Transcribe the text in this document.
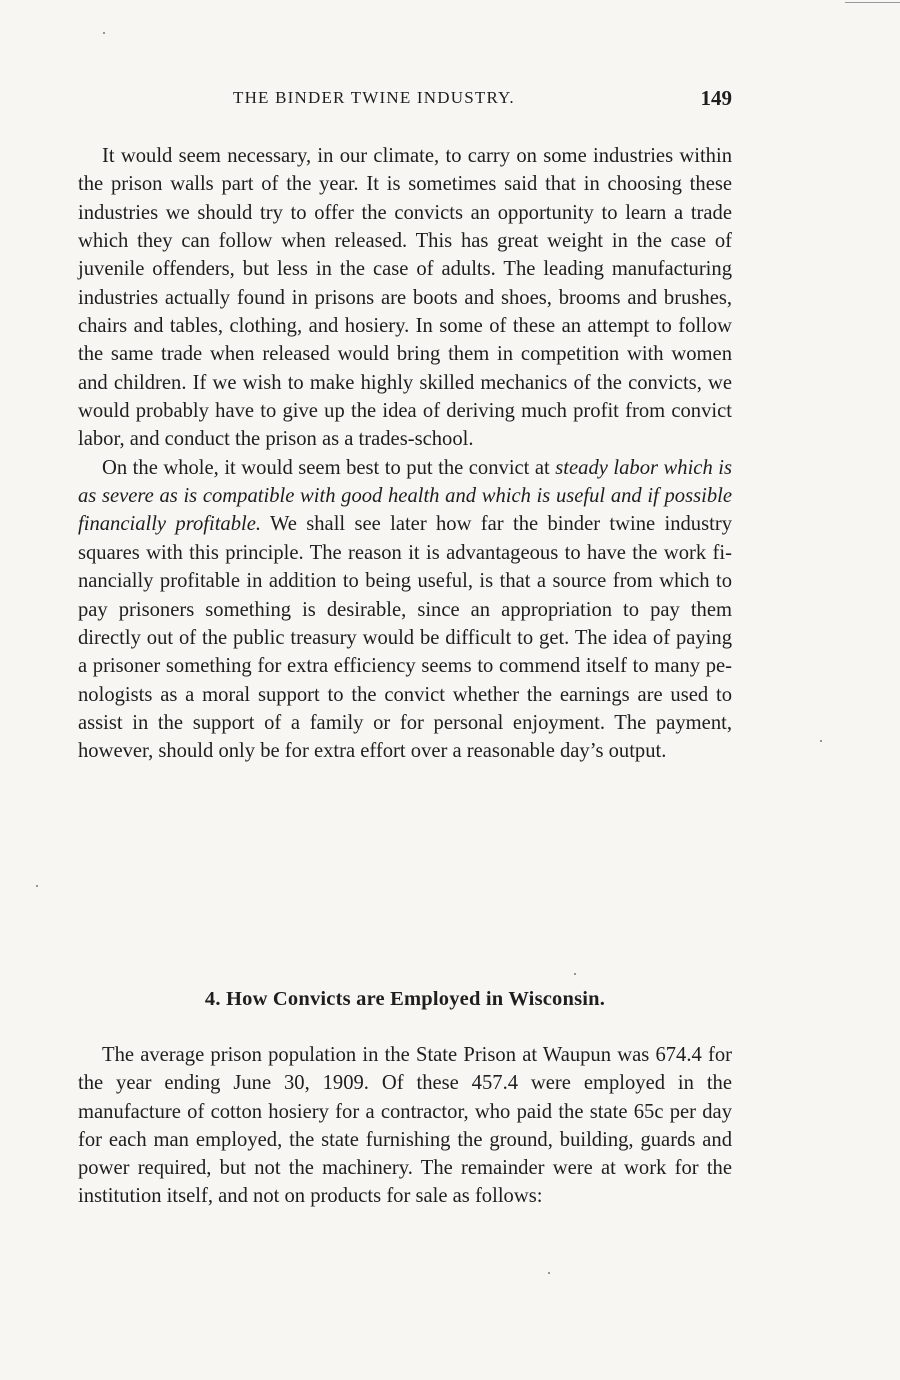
THE BINDER TWINE INDUSTRY.	149

It would seem necessary, in our climate, to carry on some industries within the prison walls part of the year. It is sometimes said that in choosing these industries we should try to offer the convicts an opportunity to learn a trade which they can follow when released. This has great weight in the case of juvenile offenders, but less in the case of adults. The leading manufacturing industries actually found in prisons are boots and shoes, brooms and brushes, chairs and tables, clothing, and hosiery. In some of these an attempt to follow the same trade when released would bring them in competition with women and children. If we wish to make highly skilled mechanics of the convicts, we would probably have to give up the idea of deriving much profit from convict labor, and conduct the prison as a trades-school.

On the whole, it would seem best to put the convict at steady labor which is as severe as is compatible with good health and which is useful and if possible financially profitable. We shall see later how far the binder twine industry squares with this principle. The reason it is advantageous to have the work financially profitable in addition to being useful, is that a source from which to pay prisoners something is desirable, since an appropriation to pay them directly out of the public treasury would be difficult to get. The idea of paying a prisoner something for extra efficiency seems to commend itself to many penologists as a moral support to the convict whether the earnings are used to assist in the support of a family or for personal enjoyment. The payment, however, should only be for extra effort over a reasonable day’s output.

4. How Convicts are Employed in Wisconsin.

The average prison population in the State Prison at Waupun was 674.4 for the year ending June 30, 1909. Of these 457.4 were employed in the manufacture of cotton hosiery for a contractor, who paid the state 65c per day for each man employed, the state furnishing the ground, building, guards and power required, but not the machinery. The remainder were at work for the institution itself, and not on products for sale as follows:
